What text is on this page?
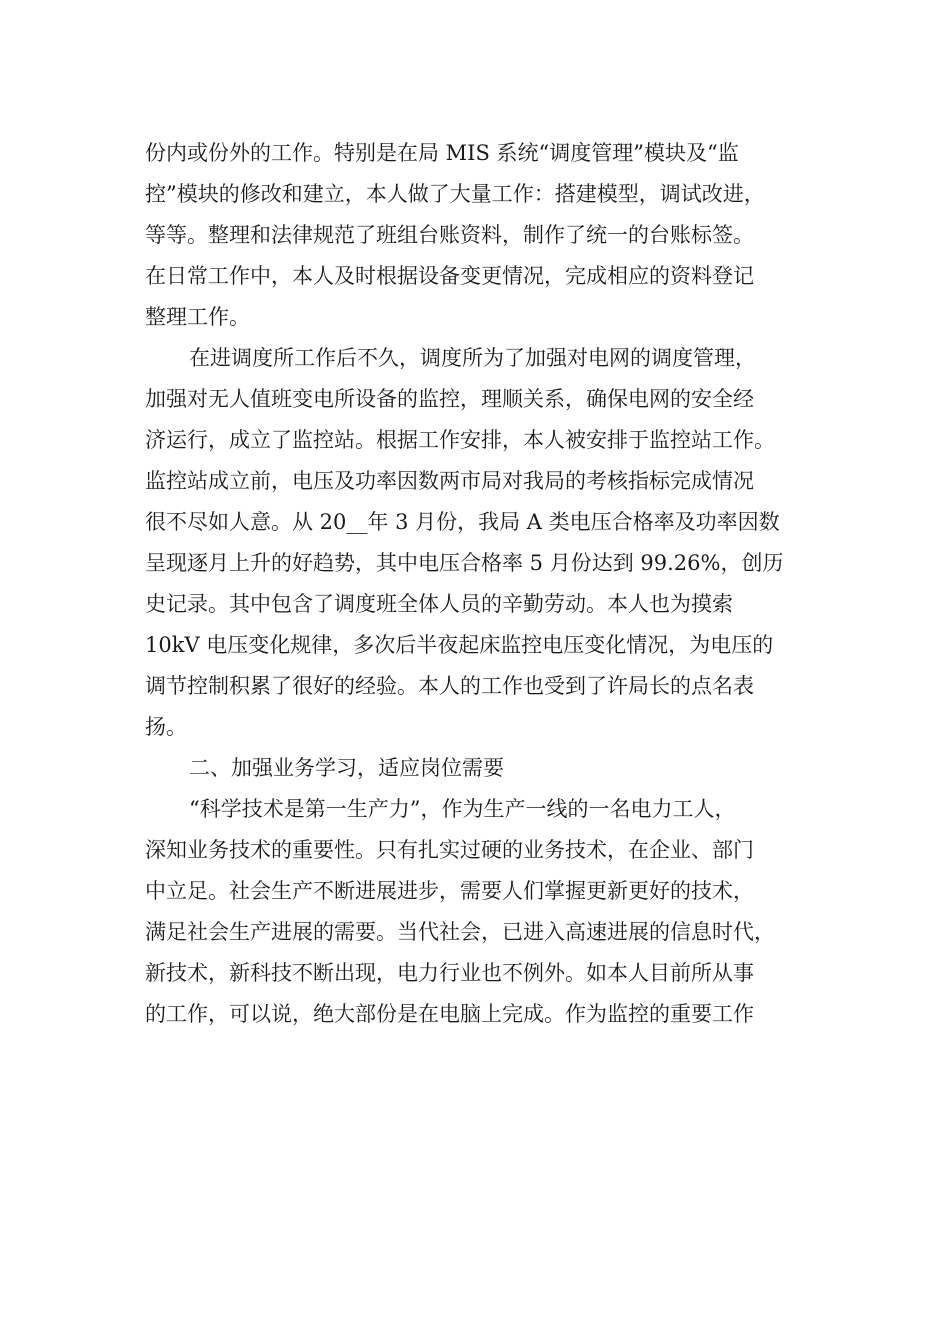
份内或份外的工作。特别是在局 MIS 系统“调度管理”模块及“监
控”模块的修改和建立，本人做了大量工作：搭建模型，调试改进，
等等。整理和法律规范了班组台账资料，制作了统一的台账标签。
在日常工作中，本人及时根据设备变更情况，完成相应的资料登记
整理工作。
在进调度所工作后不久，调度所为了加强对电网的调度管理，
加强对无人值班变电所设备的监控，理顺关系，确保电网的安全经
济运行，成立了监控站。根据工作安排，本人被安排于监控站工作。
监控站成立前，电压及功率因数两市局对我局的考核指标完成情况
很不尽如人意。从 20__年 3 月份，我局 A 类电压合格率及功率因数
呈现逐月上升的好趋势，其中电压合格率 5 月份达到 99.26%，创历
史记录。其中包含了调度班全体人员的辛勤劳动。本人也为摸索
10kV 电压变化规律，多次后半夜起床监控电压变化情况，为电压的
调节控制积累了很好的经验。本人的工作也受到了许局长的点名表
扬。
二、加强业务学习，适应岗位需要
“科学技术是第一生产力”，作为生产一线的一名电力工人，
深知业务技术的重要性。只有扎实过硬的业务技术，在企业、部门
中立足。社会生产不断进展进步，需要人们掌握更新更好的技术，
满足社会生产进展的需要。当代社会，已进入高速进展的信息时代，
新技术，新科技不断出现，电力行业也不例外。如本人目前所从事
的工作，可以说，绝大部份是在电脑上完成。作为监控的重要工作
